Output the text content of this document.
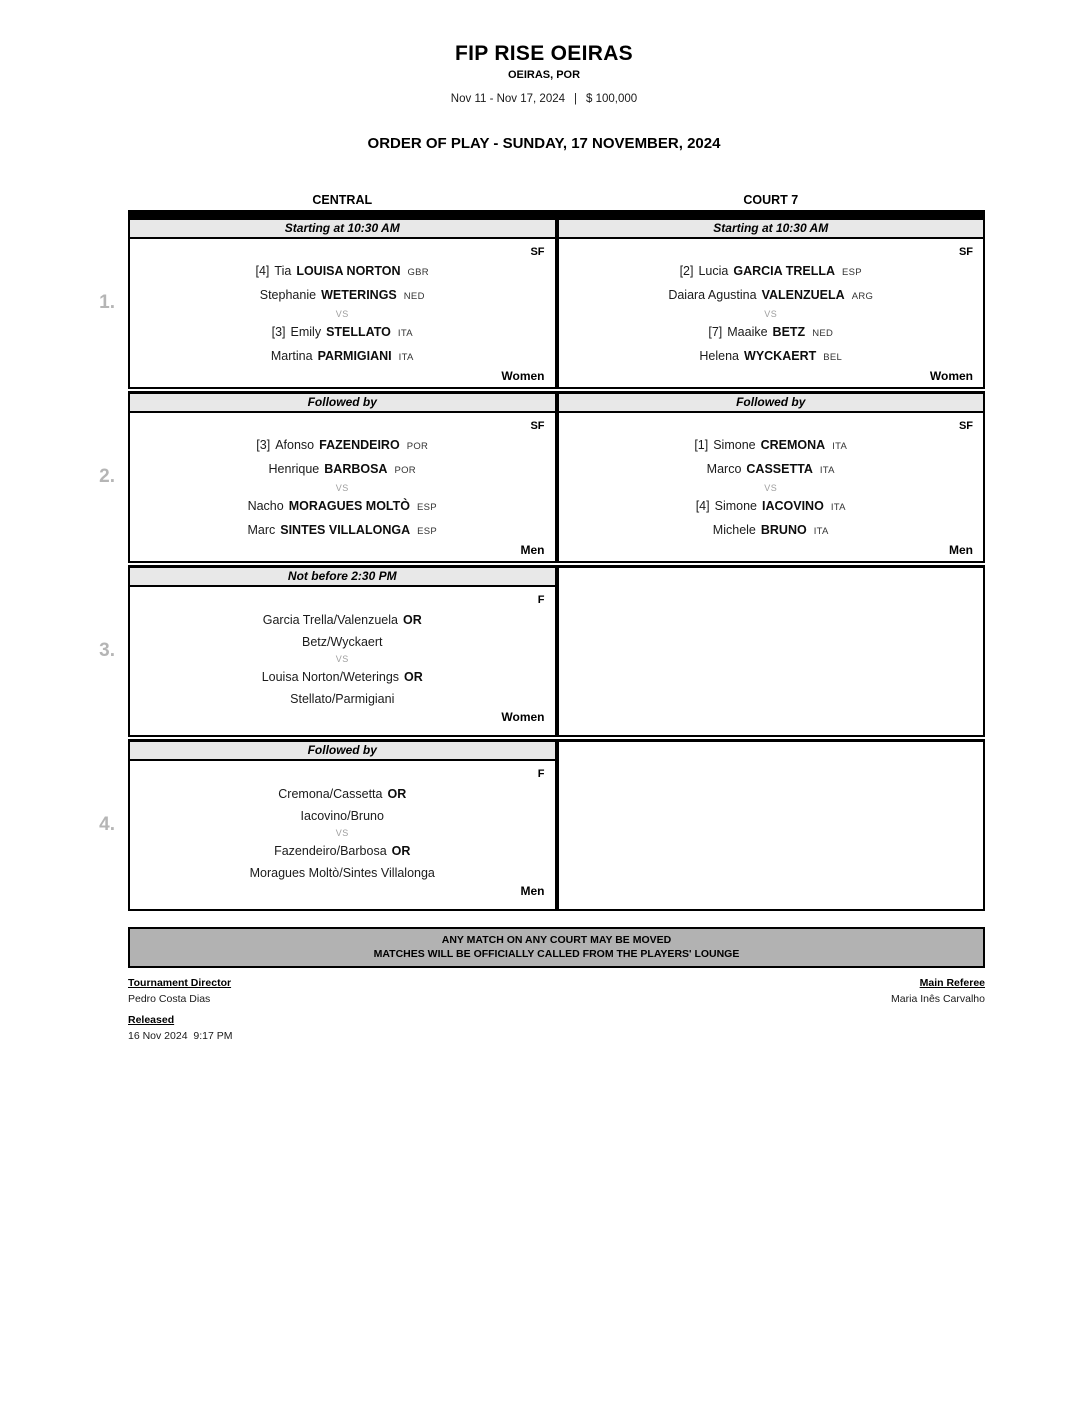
FIP RISE OEIRAS
OEIRAS, POR
Nov 11 - Nov 17, 2024 | $ 100,000
ORDER OF PLAY - SUNDAY, 17 NOVEMBER, 2024
CENTRAL	COURT 7
1.
Starting at 10:30 AM
SF
[4] Tia LOUISA NORTON GBR
Stephanie WETERINGS NED
VS
[3] Emily STELLATO ITA
Martina PARMIGIANI ITA
Women
Starting at 10:30 AM
SF
[2] Lucia GARCIA TRELLA ESP
Daiara Agustina VALENZUELA ARG
VS
[7] Maaike BETZ NED
Helena WYCKAERT BEL
Women
2.
Followed by
SF
[3] Afonso FAZENDEIRO POR
Henrique BARBOSA POR
VS
Nacho MORAGUES MOLTÒ ESP
Marc SINTES VILLALONGA ESP
Men
Followed by
SF
[1] Simone CREMONA ITA
Marco CASSETTA ITA
VS
[4] Simone IACOVINO ITA
Michele BRUNO ITA
Men
3.
Not before 2:30 PM
F
Garcia Trella/Valenzuela OR
Betz/Wyckaert
VS
Louisa Norton/Weterings OR
Stellato/Parmigiani
Women
4.
Followed by
F
Cremona/Cassetta OR
Iacovino/Bruno
VS
Fazendeiro/Barbosa OR
Moragues Moltò/Sintes Villalonga
Men
ANY MATCH ON ANY COURT MAY BE MOVED
MATCHES WILL BE OFFICIALLY CALLED FROM THE PLAYERS' LOUNGE
Tournament Director
Pedro Costa Dias
Main Referee
Maria Inês Carvalho
Released
16 Nov 2024  9:17 PM
